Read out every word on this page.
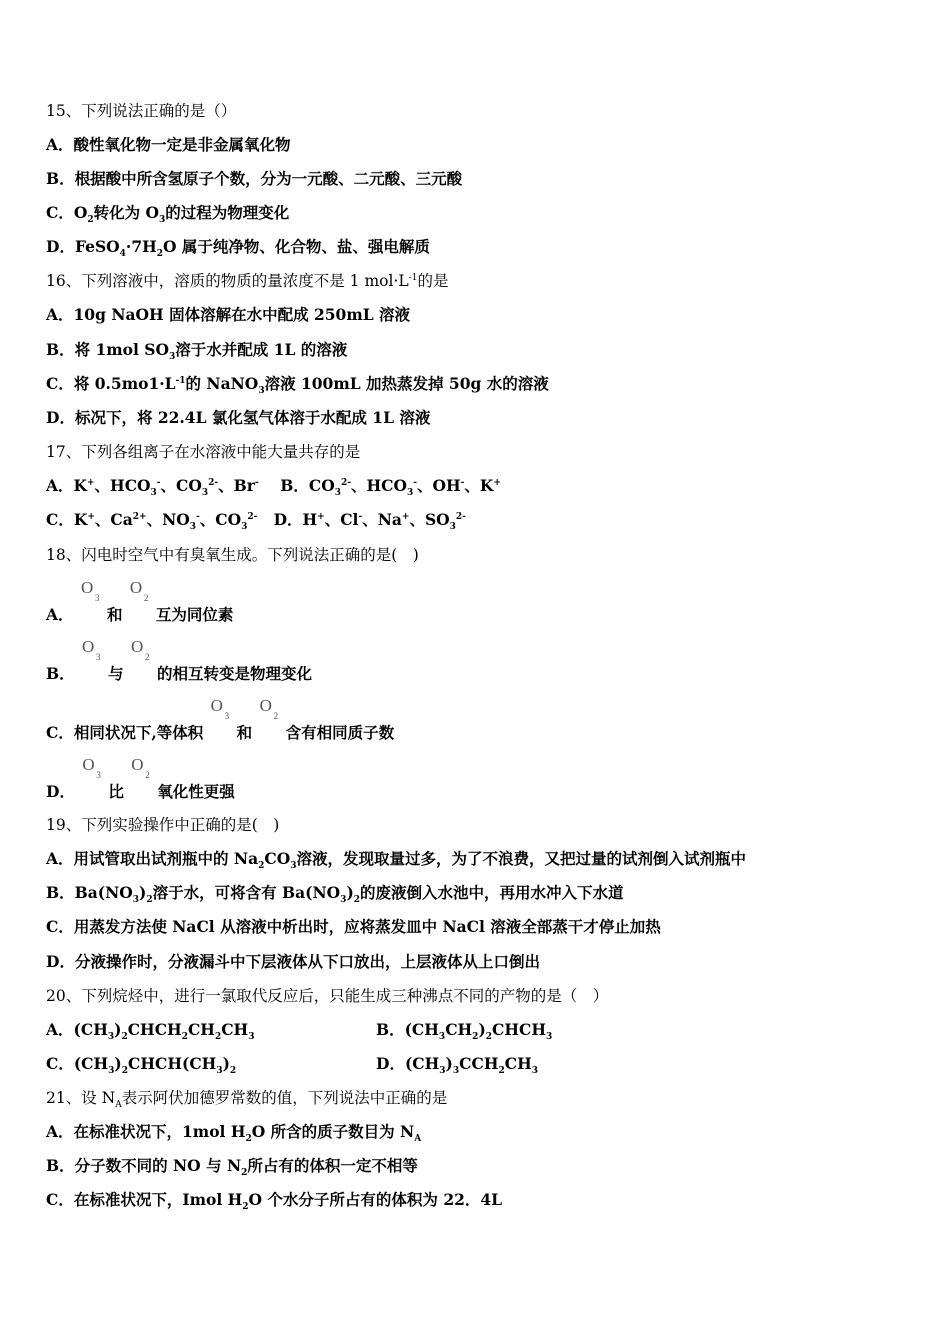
15、下列说法正确的是（）
A．酸性氧化物一定是非金属氧化物
B．根据酸中所含氢原子个数，分为一元酸、二元酸、三元酸
C．$O_2$转化为 $O_3$的过程为物理变化
D．$FeSO_4\cdot 7H_2O$ 属于纯净物、化合物、盐、强电解质
16、下列溶液中，溶质的物质的量浓度不是 1 $mol\cdot L^{-1}$的是
A．10g NaOH 固体溶解在水中配成 250mL 溶液
B．将 1mol $SO_3$溶于水并配成 1L 的溶液
C．将 $0.5mo1\cdot L^{-1}$的 NaNO$_3$溶液 100mL 加热蒸发掉 50g 水的溶液
D．标况下，将 22.4L 氯化氢气体溶于水配成 1L 溶液
17、下列各组离子在水溶液中能大量共存的是
A．K+、$HCO_3^-$、$CO_3^{2-}$、Br- B．$CO_3^{2-}$、$HCO_3^-$、OH-、K+
C．K+、$Ca^{2+}$、$NO_3^-$、$CO_3^{2-}$ D．H+、Cl-、Na+、$SO_3^{2-}$
18、闪电时空气中有臭氧生成。下列说法正确的是(　)
A．
O
3
和
O
2
互为同位素
B．
O
3
与
O
2
的相互转变是物理变化
C．相同状况下,等体积
O
3
和
O
2
含有相同质子数
D．
O
3
比
O
2
氧化性更强
19、下列实验操作中正确的是(　)
A．用试管取出试剂瓶中的 $Na_2CO_3$溶液，发现取量过多，为了不浪费，又把过量的试剂倒入试剂瓶中
B．$Ba(NO_3)_2$溶于水，可将含有 $Ba(NO_3)_2$的废液倒入水池中，再用水冲入下水道
C．用蒸发方法使 NaCl 从溶液中析出时，应将蒸发皿中 NaCl 溶液全部蒸干才停止加热
D．分液操作时，分液漏斗中下层液体从下口放出，上层液体从上口倒出
20、下列烷烃中，进行一氯取代反应后，只能生成三种沸点不同的产物的是（　）
A．$(CH_3)_2CHCH_2CH_2CH_3$	B．$(CH_3CH_2)_2CHCH_3$
C．$(CH_3)_2CHCH(CH_3)_2$	D．$(CH_3)_3CCH_2CH_3$
21、设 $N_A$表示阿伏加德罗常数的值，下列说法中正确的是
A．在标准状况下，1mol $H_2O$ 所含的质子数目为 $N_A$
B．分子数不同的 NO 与 $N_2$所占有的体积一定不相等
C．在标准状况下，Imol $H_2O$ 个水分子所占有的体积为 22．4L
